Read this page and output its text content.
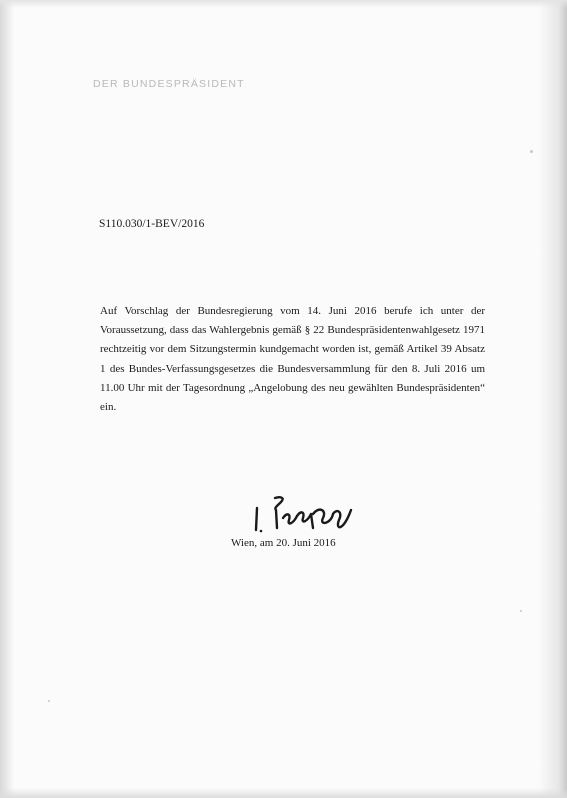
DER BUNDESPRÄSIDENT
S110.030/1-BEV/2016

Auf Vorschlag der Bundesregierung vom 14. Juni 2016 berufe ich unter der Voraussetzung, dass das Wahlergebnis gemäß § 22 Bundespräsidentenwahlgesetz 1971 rechtzeitig vor dem Sitzungstermin kundgemacht worden ist, gemäß Artikel 39 Absatz 1 des Bundes-Verfassungsgesetzes die Bundesversammlung für den 8. Juli 2016 um 11.00 Uhr mit der Tagesordnung „Angelobung des neu gewählten Bundespräsidenten“ ein.

Wien, am 20. Juni 2016
